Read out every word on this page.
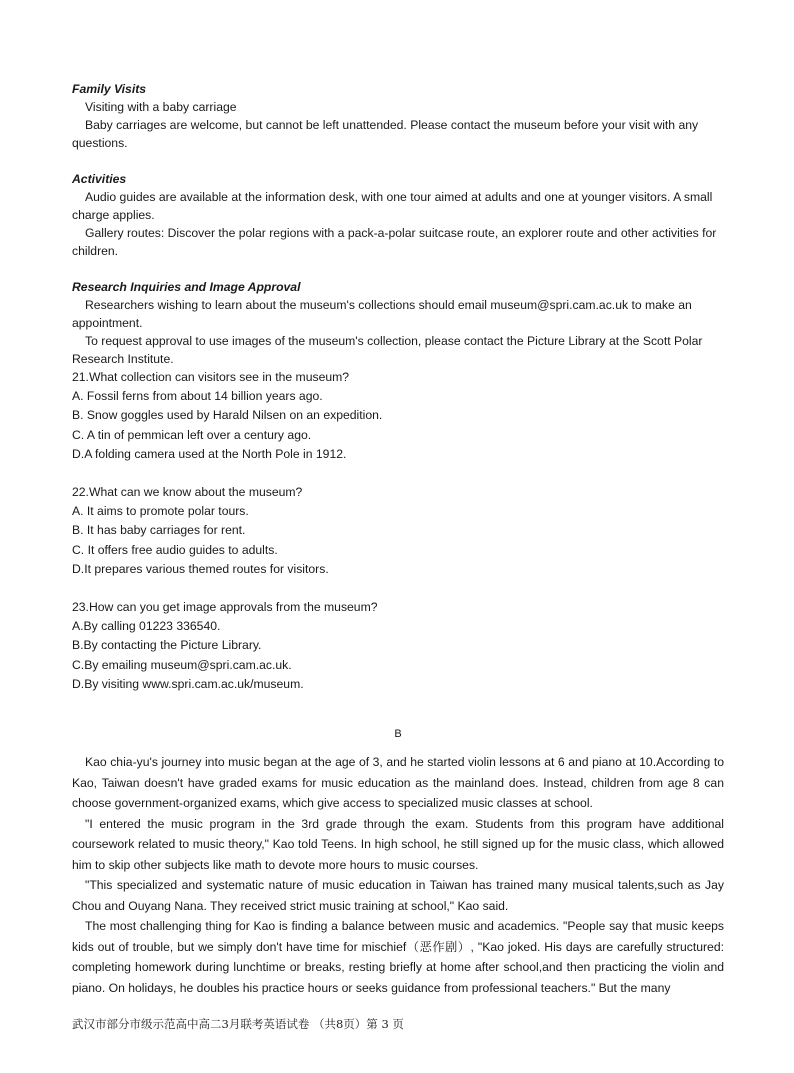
Family Visits

Visiting with a baby carriage

Baby carriages are welcome, but cannot be left unattended. Please contact the museum before your visit with any questions.

Activities

Audio guides are available at the information desk, with one tour aimed at adults and one at younger visitors. A small charge applies.

Gallery routes: Discover the polar regions with a pack-a-polar suitcase route, an explorer route and other activities for children.

Research Inquiries and Image Approval

Researchers wishing to learn about the museum's collections should email museum@spri.cam.ac.uk to make an appointment.

To request approval to use images of the museum's collection, please contact the Picture Library at the Scott Polar Research Institute.

21.What collection can visitors see in the museum?

A. Fossil ferns from about 14 billion years ago.

B. Snow goggles used by Harald Nilsen on an expedition.

C. A tin of pemmican left over a century ago.

D.A folding camera used at the North Pole in 1912.

22.What can we know about the museum?

A. It aims to promote polar tours.

B. It has baby carriages for rent.

C. It offers free audio guides to adults.

D.It prepares various themed routes for visitors.

23.How can you get image approvals from the museum?

A.By calling 01223 336540.

B.By contacting the Picture Library.

C.By emailing museum@spri.cam.ac.uk.

D.By visiting www.spri.cam.ac.uk/museum.

B

Kao chia-yu's journey into music began at the age of 3, and he started violin lessons at 6 and piano at 10.According to Kao, Taiwan doesn't have graded exams for music education as the mainland does. Instead, children from age 8 can choose government-organized exams, which give access to specialized music classes at school.

"I entered the music program in the 3rd grade through the exam. Students from this program have additional coursework related to music theory," Kao told Teens. In high school, he still signed up for the music class, which allowed him to skip other subjects like math to devote more hours to music courses.

"This specialized and systematic nature of music education in Taiwan has trained many musical talents,such as Jay Chou and Ouyang Nana. They received strict music training at school," Kao said.

The most challenging thing for Kao is finding a balance between music and academics. "People say that music keeps kids out of trouble, but we simply don't have time for mischief（恶作剧）, "Kao joked. His days are carefully structured: completing homework during lunchtime or breaks, resting briefly at home after school,and then practicing the violin and piano. On holidays, he doubles his practice hours or seeks guidance from professional teachers." But the many

武汉市部分市级示范高中高二3月联考英语试卷 （共8页）第 3 页
